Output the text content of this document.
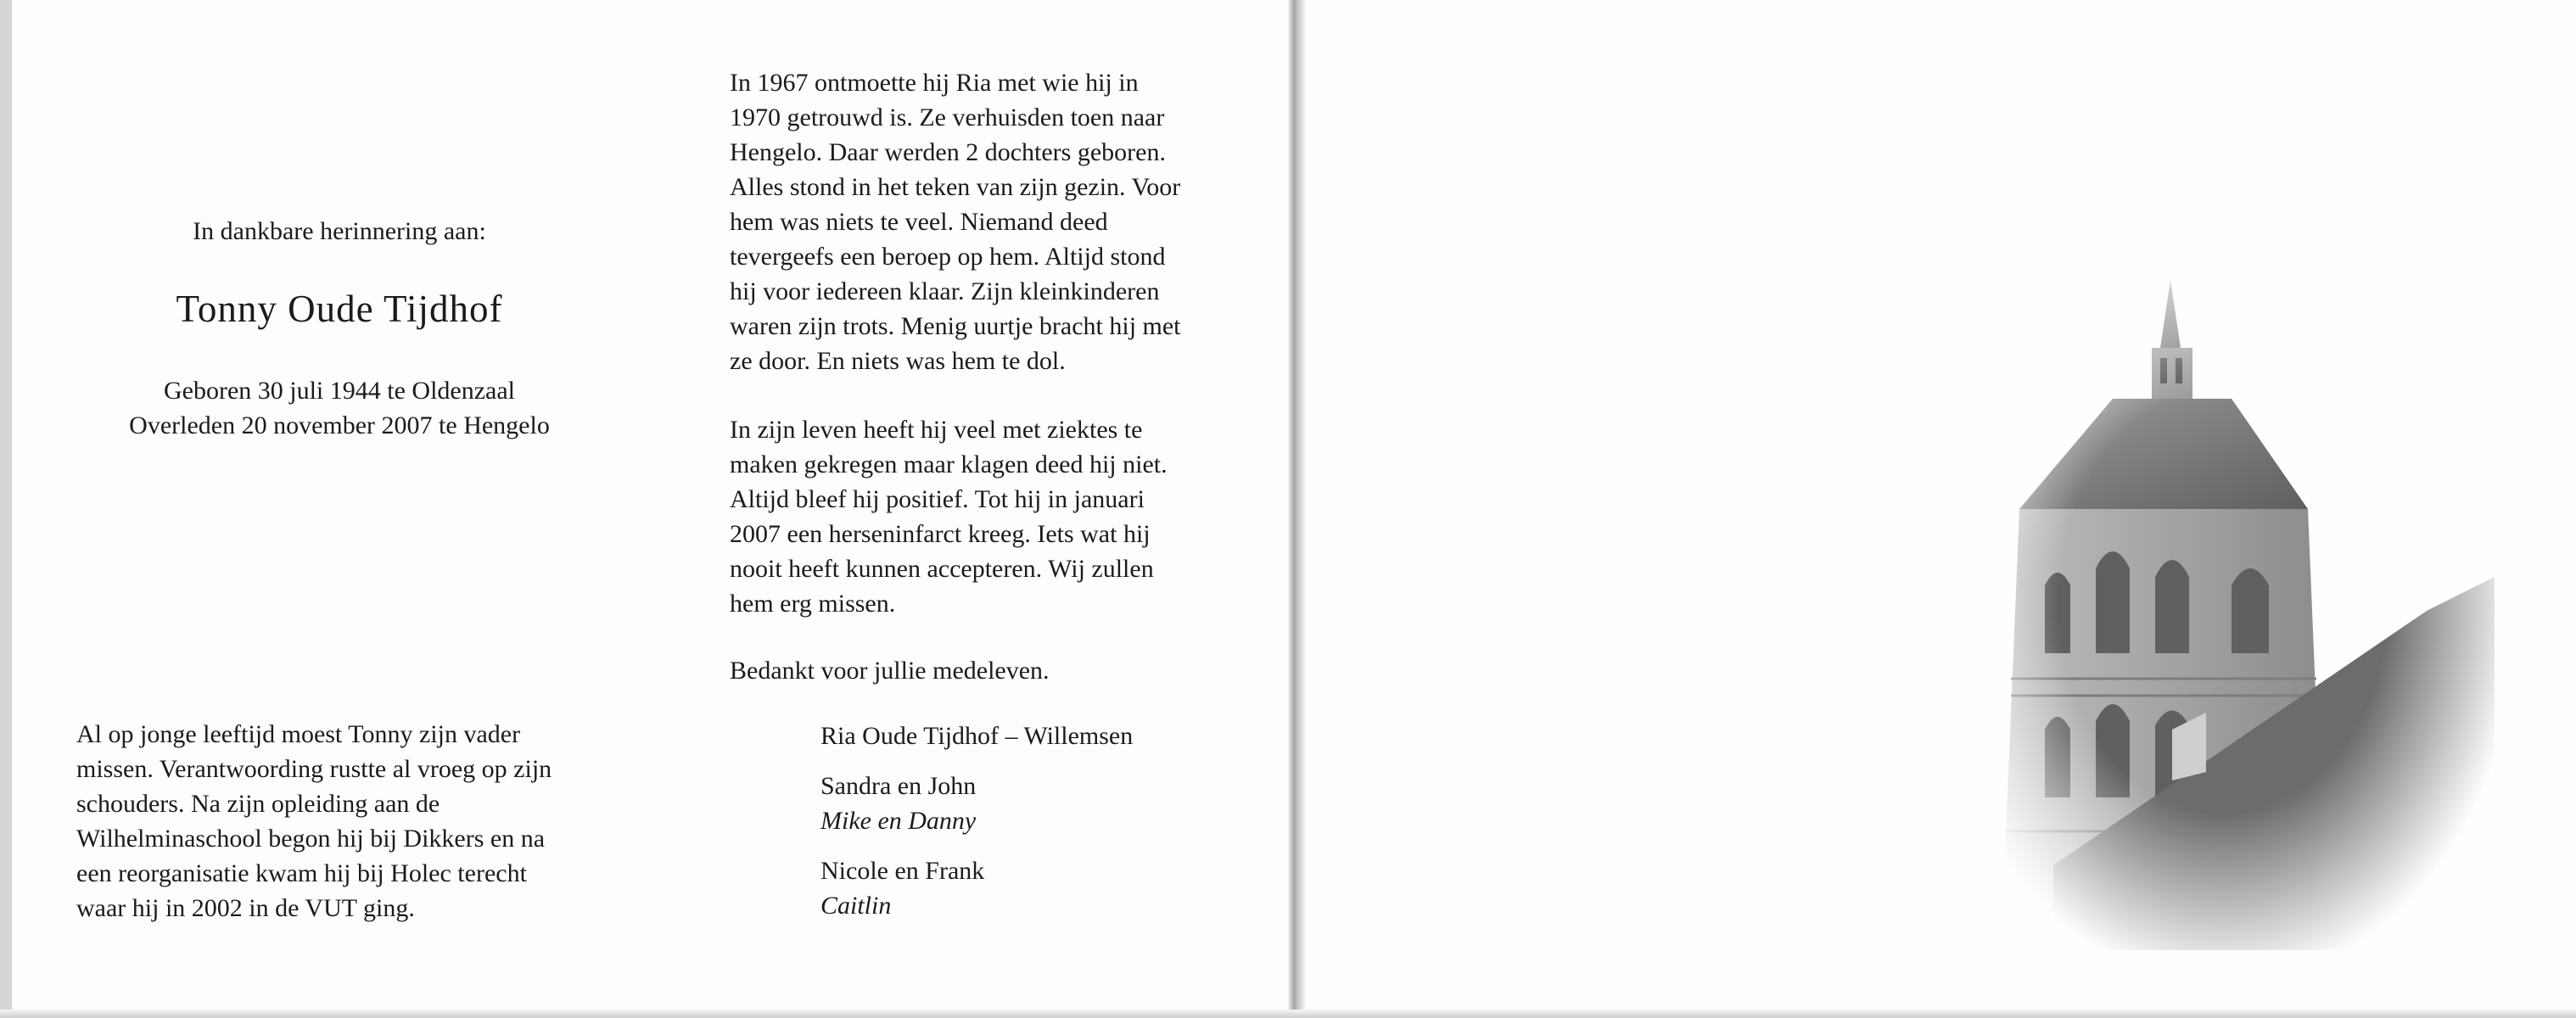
In dankbare herinnering aan:
Tonny Oude Tijdhof
Geboren 30 juli 1944 te Oldenzaal
Overleden 20 november 2007 te Hengelo

Al op jonge leeftijd moest Tonny zijn vader

missen. Verantwoording rustte al vroeg op zijn

schouders. Na zijn opleiding aan de

Wilhelminaschool begon hij bij Dikkers en na

een reorganisatie kwam hij bij Holec terecht

waar hij in 2002 in de VUT ging.

In 1967 ontmoette hij Ria met wie hij in

1970 getrouwd is. Ze verhuisden toen naar

Hengelo. Daar werden 2 dochters geboren.

Alles stond in het teken van zijn gezin. Voor

hem was niets te veel. Niemand deed

tevergeefs een beroep op hem. Altijd stond

hij voor iedereen klaar. Zijn kleinkinderen

waren zijn trots. Menig uurtje bracht hij met

ze door. En niets was hem te dol.

In zijn leven heeft hij veel met ziektes te

maken gekregen maar klagen deed hij niet.

Altijd bleef hij positief. Tot hij in januari

2007 een herseninfarct kreeg. Iets wat hij

nooit heeft kunnen accepteren. Wij zullen

hem erg missen.

Bedankt voor jullie medeleven.
Ria Oude Tijdhof – Willemsen
Sandra en John
Mike en Danny
Nicole en Frank
Caitlin
